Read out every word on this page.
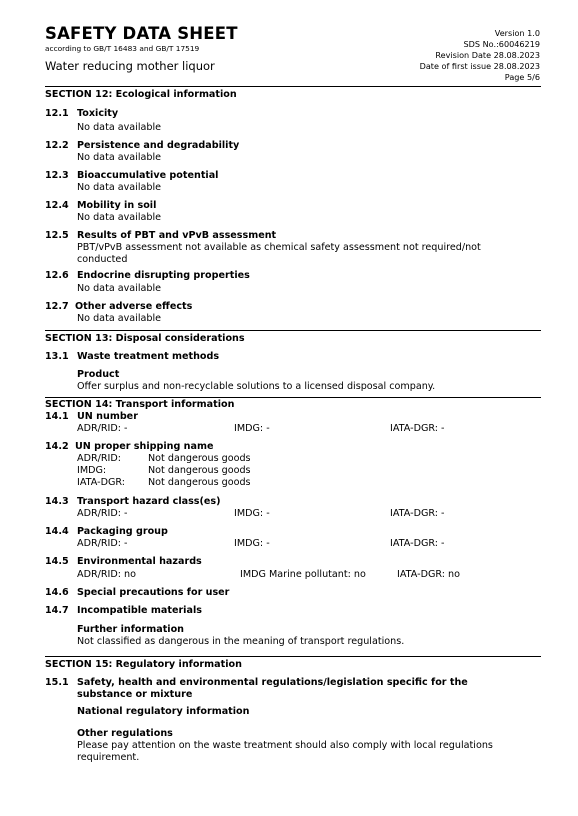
SAFETY DATA SHEET
according to GB/T 16483 and GB/T 17519
Water reducing mother liquor
Version 1.0
SDS No.:60046219
Revision Date 28.08.2023
Date of first issue 28.08.2023
Page 5/6
SECTION 12: Ecological information
12.1 Toxicity
No data available
12.2 Persistence and degradability
No data available
12.3 Bioaccumulative potential
No data available
12.4 Mobility in soil
No data available
12.5 Results of PBT and vPvB assessment
PBT/vPvB assessment not available as chemical safety assessment not required/not
conducted
12.6 Endocrine disrupting properties
No data available
12.7 Other adverse effects
No data available
SECTION 13: Disposal considerations
13.1 Waste treatment methods
Product
Offer surplus and non-recyclable solutions to a licensed disposal company.
SECTION 14: Transport information
14.1 UN number
ADR/RID: -	IMDG: -	IATA-DGR: -
14.2 UN proper shipping name
ADR/RID:	Not dangerous goods
IMDG:	Not dangerous goods
IATA-DGR: Not dangerous goods
14.3 Transport hazard class(es)
ADR/RID: -	IMDG: -	IATA-DGR: -
14.4 Packaging group
ADR/RID: -	IMDG: -	IATA-DGR: -
14.5 Environmental hazards
ADR/RID: no	IMDG Marine pollutant: no	IATA-DGR: no
14.6 Special precautions for user
14.7 Incompatible materials
Further information
Not classified as dangerous in the meaning of transport regulations.
SECTION 15: Regulatory information
15.1 Safety, health and environmental regulations/legislation specific for the
substance or mixture
National regulatory information
Other regulations
Please pay attention on the waste treatment should also comply with local regulations
requirement.
